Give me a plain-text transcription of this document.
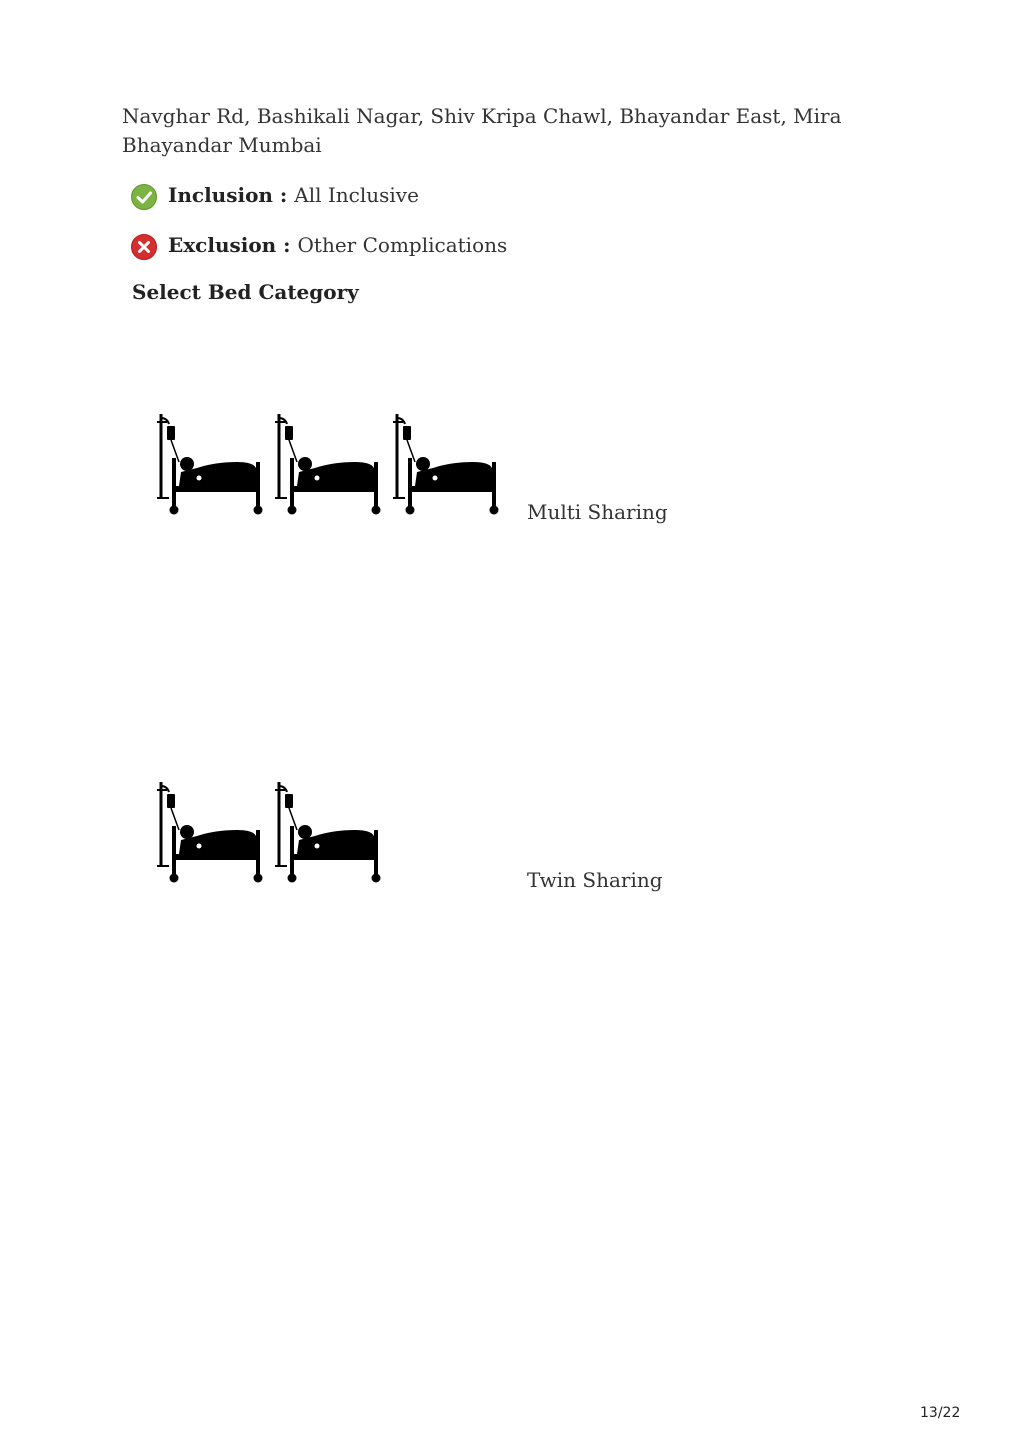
Navghar Rd, Bashikali Nagar, Shiv Kripa Chawl, Bhayandar East, Mira Bhayandar Mumbai

Inclusion : All Inclusive
Exclusion : Other Complications
Select Bed Category
Multi Sharing
Twin Sharing
13/22
